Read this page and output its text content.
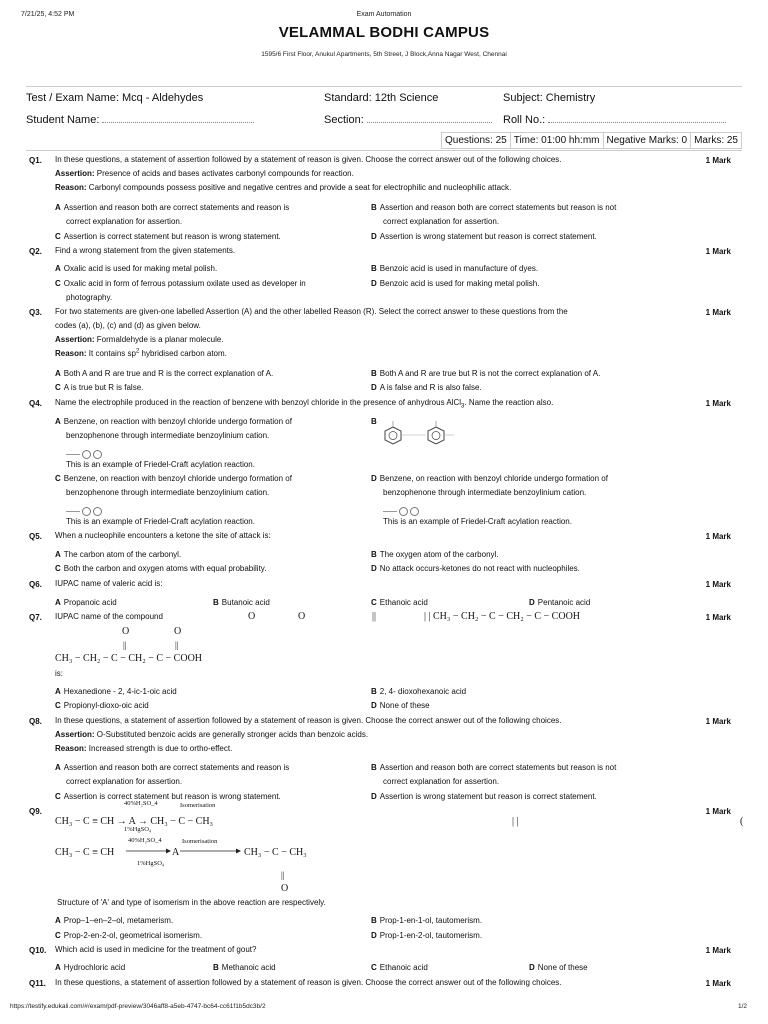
7/21/25, 4:52 PM	Exam Automation
VELAMMAL BODHI CAMPUS
1595/6 First Floor, Anukul Apartments, 5th Street, J Block,Anna Nagar West, Chennai
Test / Exam Name: Mcq - Aldehydes	Standard: 12th Science	Subject: Chemistry
Student Name:	Section:	Roll No.:
Questions: 25 Time: 01:00 hh:mm Negative Marks: 0 Marks: 25
Q1. In these questions, a statement of assertion followed by a statement of reason is given. Choose the correct answer out of the following choices.	1 Mark
Assertion: Presence of acids and bases activates carbonyl compounds for reaction.
Reason: Carbonyl compounds possess positive and negative centres and provide a seat for electrophilic and nucleophilic attack.
A Assertion and reason both are correct statements and reason is
correct explanation for assertion.
B Assertion and reason both are correct statements but reason is not
correct explanation for assertion.
C Assertion is correct statement but reason is wrong statement.	D Assertion is wrong statement but reason is correct statement.
Q2. Find a wrong statement from the given statements.	1 Mark
A Oxalic acid is used for making metal polish.	B Benzoic acid is used in manufacture of dyes.
C Oxalic acid in form of ferrous potassium oxilate used as developer in
photography.
D Benzoic acid is used for making metal polish.
Q3. For two statements are given-one labelled Assertion (A) and the other labelled Reason (R). Select the correct answer to these questions from the
codes (a), (b), (c) and (d) as given below.
1 Mark
Assertion: Formaldehyde is a planar molecule.
Reason: It contains $sp^2$ hybridised carbon atom.
A Both A and R are true and R is the correct explanation of A.	B Both A and R are true but R is not the correct explanation of A.
C A is true but R is false.	D A is false and R is also false.
Q4. Name the electrophile produced in the reaction of benzene with benzoyl chloride in the presence of anhydrous AlCl$_3$. Name the reaction also.	1 Mark
A Benzene, on reaction with benzoyl chloride undergo formation of
benzophenone through intermediate benzoylinium cation.
This is an example of Friedel-Craft acylation reaction.
B
C Benzene, on reaction with benzoyl chloride undergo formation of
benzophenone through intermediate benzoylinium cation.
This is an example of Friedel-Craft acylation reaction.
D Benzene, on reaction with benzoyl chloride undergo formation of
benzophenone through intermediate benzoylinium cation.
This is an example of Friedel-Craft acylation reaction.
Q5. When a nucleophile encounters a ketone the site of attack is:	1 Mark
A The carbon atom of the carbonyl.	B The oxygen atom of the carbonyl.
C Both the carbon and oxygen atoms with equal probability.	D No attack occurs-ketones do not react with nucleophiles.
Q6. IUPAC name of valeric acid is:	1 Mark
A Propanoic acid	B Butanoic acid	C Ethanoic acid	D Pentanoic acid
Q7. IUPAC name of the compound	1 Mark
O	O	||	| | CH₃ − CH₂ − C − CH₂ − C − COOH
O	O
||	||
CH₃ − CH₂ − C − CH₂ − C − COOH
is:
A Hexanedione - 2, 4-ic-1-oic acid	B 2, 4- dioxohexanoic acid
C Propionyl-dioxo-oic acid	D None of these
Q8. In these questions, a statement of assertion followed by a statement of reason is given. Choose the correct answer out of the following choices.	1 Mark
Assertion: O-Substituted benzoic acids are generally stronger acids than benzoic acids.
Reason: Increased strength is due to ortho-effect.
A Assertion and reason both are correct statements and reason is
correct explanation for assertion.
B Assertion and reason both are correct statements but reason is not
correct explanation for assertion.
C Assertion is correct statement but reason is wrong statement.	D Assertion is wrong statement but reason is correct statement.
Q9.	1 Mark
40%H₂SO_4	Isomerisation
CH₃ − C ≡ CH → A → CH₃ − C − CH₃	| |	(
1%HgSO₄
40%H₂SO_4	Isomerisation
CH₃ − C ≡ CH	A	CH₃ − C − CH₃
1%HgSO₄
||
O
Structure of 'A' and type of isomerism in the above reaction are respectively.
A Prop–1–en–2–ol, metamerism.	B Prop-1-en-1-ol, tautomerism.
C Prop-2-en-2-ol, geometrical isomerism.	D Prop-1-en-2-ol, tautomerism.
Q10. Which acid is used in medicine for the treatment of gout?	1 Mark
A Hydrochloric acid	B Methanoic acid	C Ethanoic acid	D None of these
Q11. In these questions, a statement of assertion followed by a statement of reason is given. Choose the correct answer out of the following choices.	1 Mark
https://testify.edukali.com/#/exam/pdf-preview/3046aff8-a5eb-4747-bc64-cc61f1b5dc3b/2	1/2
